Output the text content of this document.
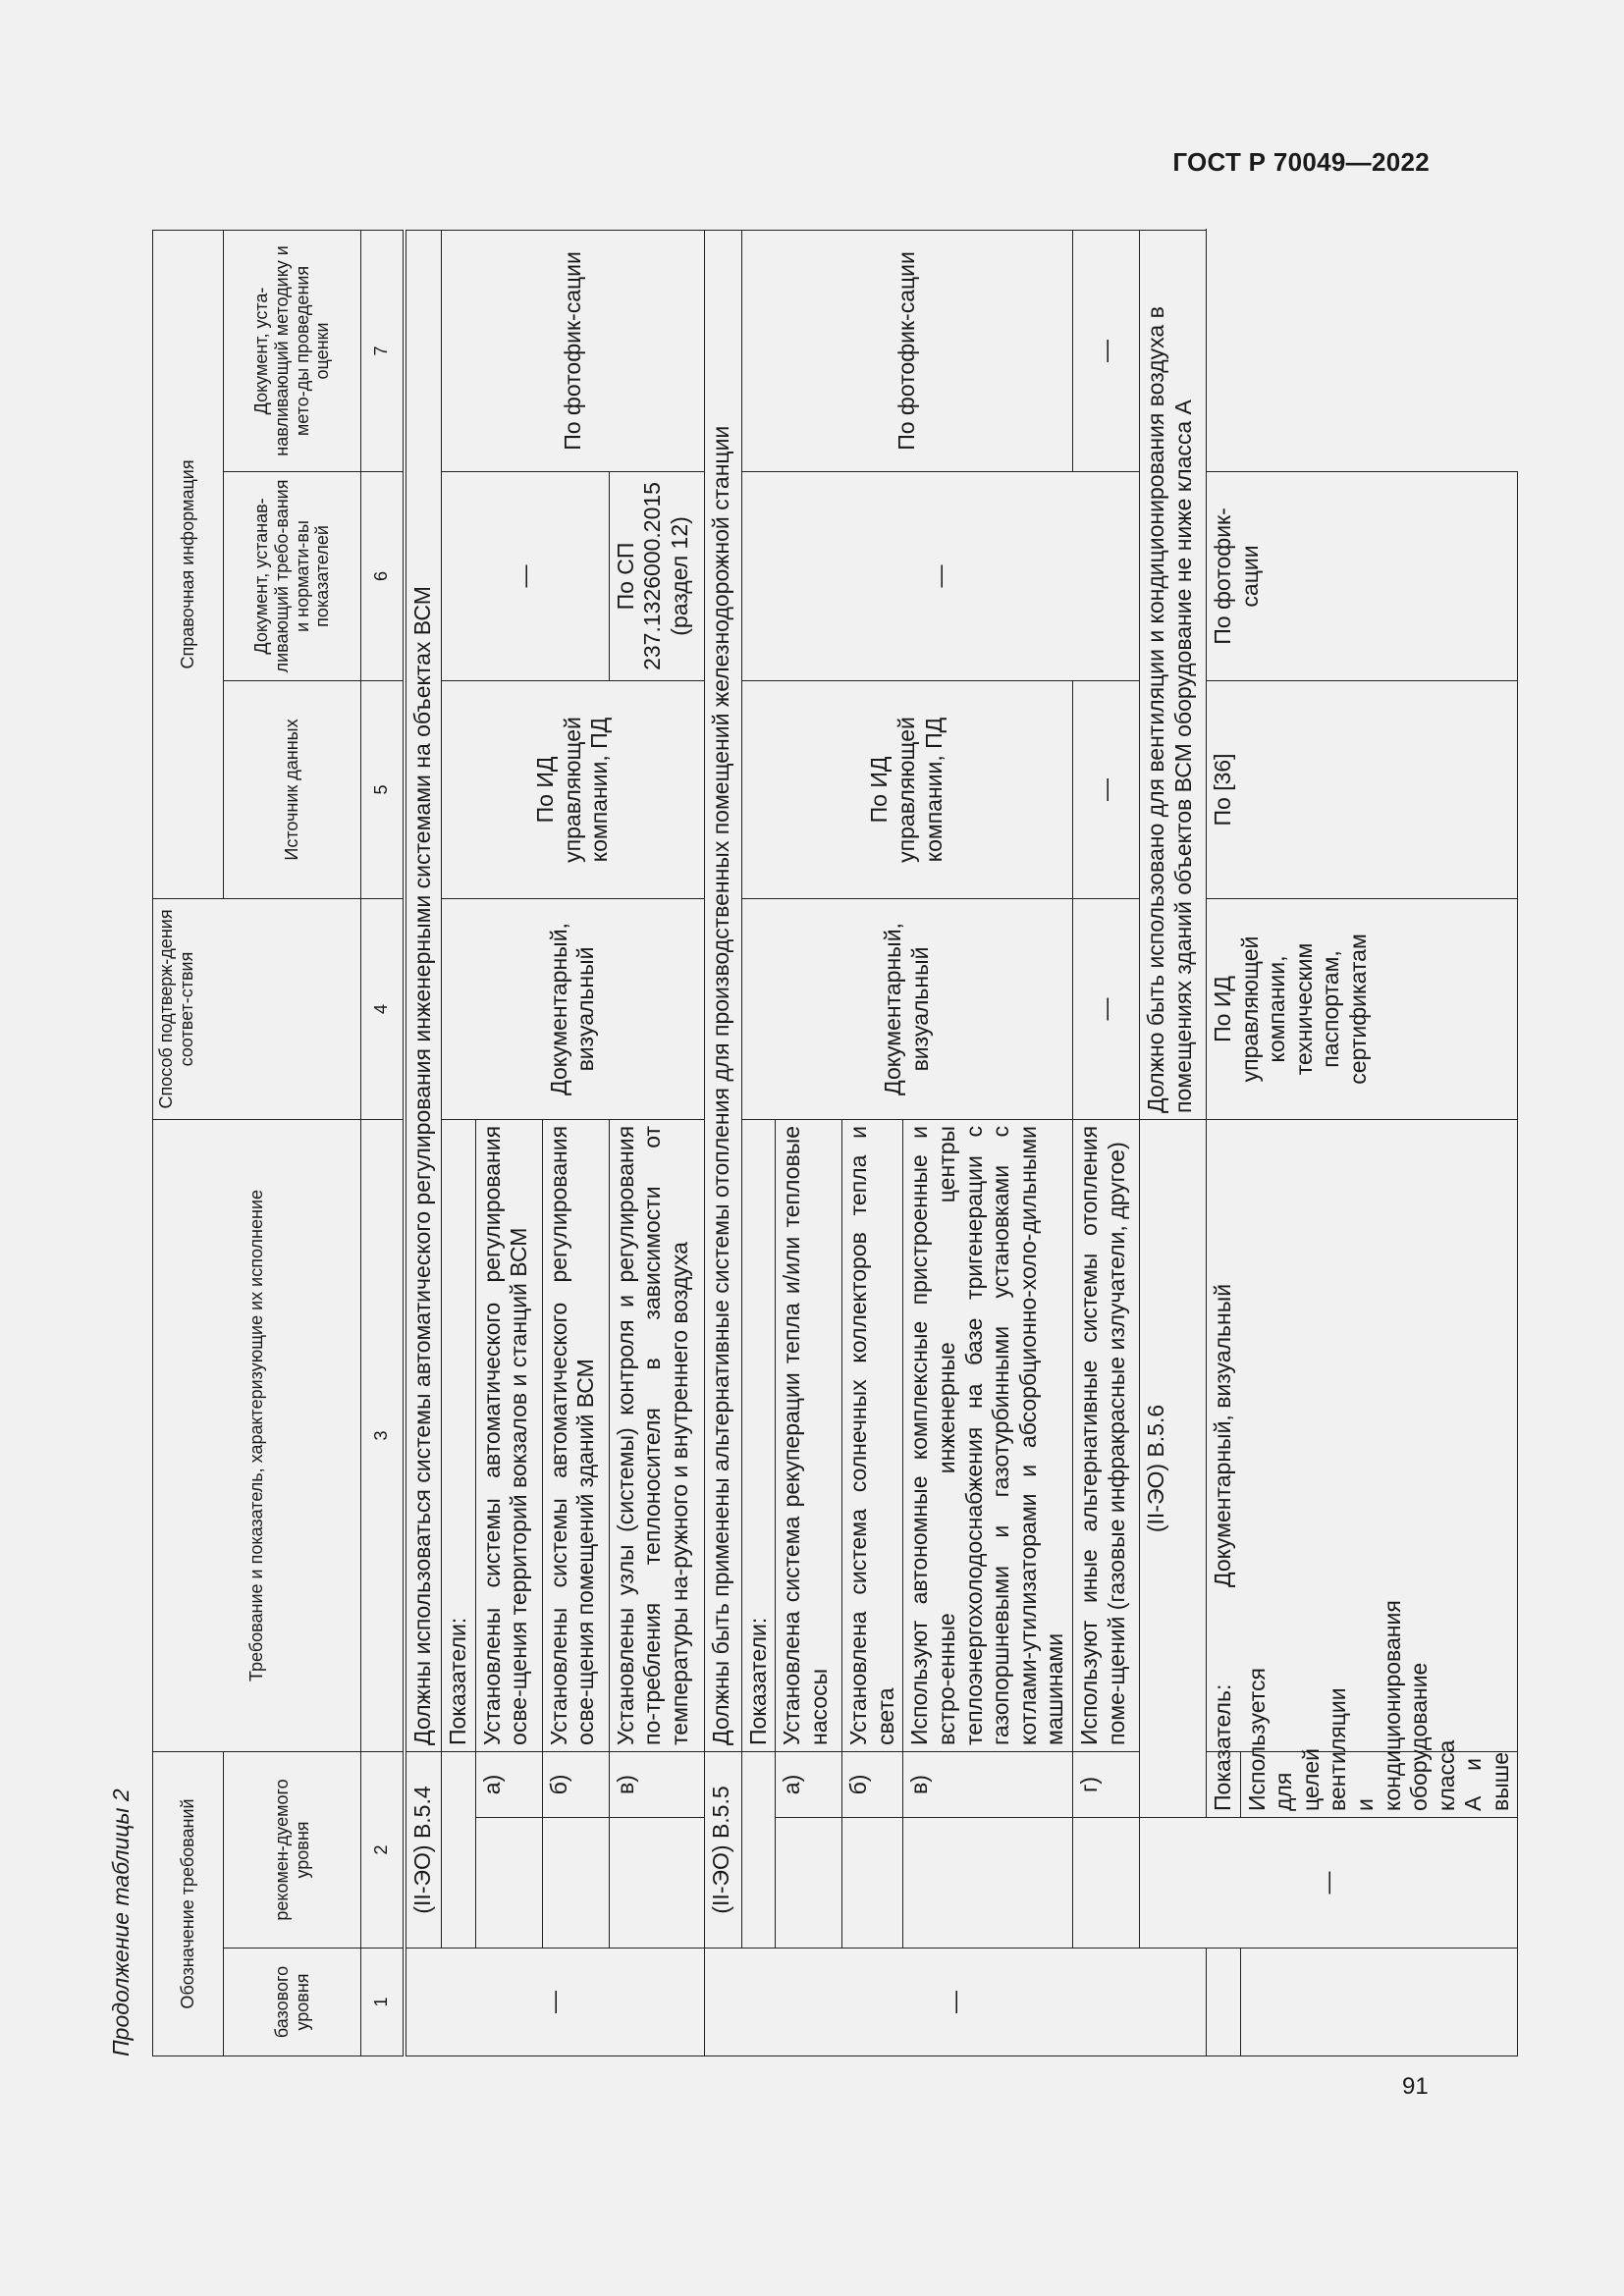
ГОСТ Р 70049—2022
91
Продолжение таблицы 2	Обозначение требований			Требование и показатель, характеризующие их исполнение	Способ подтверж-дения соответ-ствия	Справочная информация		
базового уровня	рекомен-дуемого уровня				Источник данных	Документ, устанав-ливающий требо-вания и нормати-вы показателей	Документ, уста-навливающий методику и мето-ды проведения оценки
1	2		3	4	5	6	7
—	(II-ЭО) В.5.4		Должны использоваться системы автоматического регулирования инженерными системами на объектах ВСМ				
			Показатели:	Документарный, визуальный	По ИД управляющей компании, ПД	—	По фотофик-сации
		а)	Установлены системы автоматического регулирования осве-щения территорий вокзалов и станций ВСМ				
		б)	Установлены системы автоматического регулирования осве-щения помещений зданий ВСМ				
		в)	Установлены узлы (системы) контроля и регулирования по-требления теплоносителя в зависимости от температуры на-ружного и внутреннего воздуха			По СП 237.1326000.2015 (раздел 12)	
—	(II-ЭО) В.5.5		Должны быть применены альтернативные системы отопления для производственных помещений железнодорожной станции				
			Показатели:	Документарный, визуальный	По ИД управляющей компании, ПД	—	По фотофик-сации
		а)	Установлена система рекуперации тепла и/или тепловые насосы				
		б)	Установлена система солнечных коллекторов тепла и света				
		в)	Используют автономные комплексные пристроенные и встро-енные инженерные центры теплоэнергохолодоснабжения на базе тригенерации с газопоршневыми и газотурбинными установками с котлами-утилизаторами и абсорбционно-холо-дильными машинами				
		г)	Используют иные альтернативные системы отопления поме-щений (газовые инфракрасные излучатели, другое)	—	—		—
	—	(II-ЭО) В.5.6		Должно быть использовано для вентиляции и кондиционирования воздуха в помещениях зданий объектов ВСМ оборудование не ниже класса А			
		Показатель:	Документарный, визуальный	По ИД управляющей компании, техническим паспортам, сертификатам	По [36]	По фотофик-сации	
		Используется для целей вентиляции и кондиционирования оборудование класса А и выше					
